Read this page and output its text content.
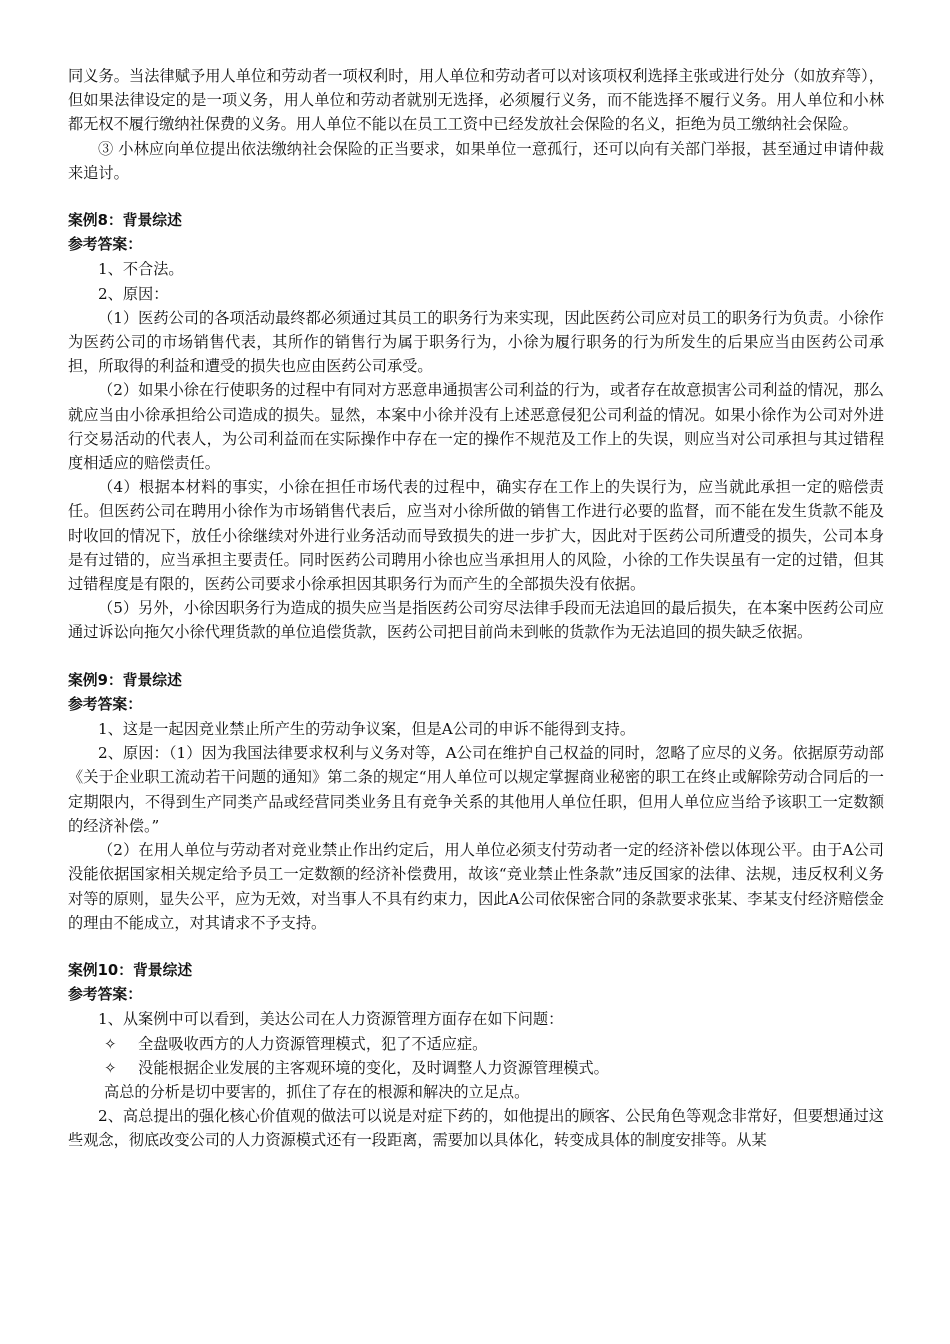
同义务。当法律赋予用人单位和劳动者一项权利时，用人单位和劳动者可以对该项权利选择主张或进行处分（如放弃等），但如果法律设定的是一项义务，用人单位和劳动者就别无选择，必须履行义务，而不能选择不履行义务。用人单位和小林都无权不履行缴纳社保费的义务。用人单位不能以在员工工资中已经发放社会保险的名义，拒绝为员工缴纳社会保险。

③ 小林应向单位提出依法缴纳社会保险的正当要求，如果单位一意孤行，还可以向有关部门举报，甚至通过申请仲裁来追讨。

案例8：背景综述

参考答案：

1、不合法。

2、原因：

（1）医药公司的各项活动最终都必须通过其员工的职务行为来实现，因此医药公司应对员工的职务行为负责。小徐作为医药公司的市场销售代表，其所作的销售行为属于职务行为，小徐为履行职务的行为所发生的后果应当由医药公司承担，所取得的利益和遭受的损失也应由医药公司承受。

（2）如果小徐在行使职务的过程中有同对方恶意串通损害公司利益的行为，或者存在故意损害公司利益的情况，那么就应当由小徐承担给公司造成的损失。显然，本案中小徐并没有上述恶意侵犯公司利益的情况。如果小徐作为公司对外进行交易活动的代表人，为公司利益而在实际操作中存在一定的操作不规范及工作上的失误，则应当对公司承担与其过错程度相适应的赔偿责任。

（4）根据本材料的事实，小徐在担任市场代表的过程中，确实存在工作上的失误行为，应当就此承担一定的赔偿责任。但医药公司在聘用小徐作为市场销售代表后，应当对小徐所做的销售工作进行必要的监督，而不能在发生货款不能及时收回的情况下，放任小徐继续对外进行业务活动而导致损失的进一步扩大，因此对于医药公司所遭受的损失，公司本身是有过错的，应当承担主要责任。同时医药公司聘用小徐也应当承担用人的风险，小徐的工作失误虽有一定的过错，但其过错程度是有限的，医药公司要求小徐承担因其职务行为而产生的全部损失没有依据。

（5）另外，小徐因职务行为造成的损失应当是指医药公司穷尽法律手段而无法追回的最后损失，在本案中医药公司应通过诉讼向拖欠小徐代理货款的单位追偿货款，医药公司把目前尚未到帐的货款作为无法追回的损失缺乏依据。

案例9：背景综述

参考答案：

1、这是一起因竞业禁止所产生的劳动争议案，但是A公司的申诉不能得到支持。

2、原因：（1）因为我国法律要求权利与义务对等，A公司在维护自己权益的同时，忽略了应尽的义务。依据原劳动部《关于企业职工流动若干问题的通知》第二条的规定“用人单位可以规定掌握商业秘密的职工在终止或解除劳动合同后的一定期限内，不得到生产同类产品或经营同类业务且有竞争关系的其他用人单位任职，但用人单位应当给予该职工一定数额的经济补偿。”

（2）在用人单位与劳动者对竞业禁止作出约定后，用人单位必须支付劳动者一定的经济补偿以体现公平。由于A公司没能依据国家相关规定给予员工一定数额的经济补偿费用，故该“竞业禁止性条款”违反国家的法律、法规，违反权利义务对等的原则，显失公平，应为无效，对当事人不具有约束力，因此A公司依保密合同的条款要求张某、李某支付经济赔偿金的理由不能成立，对其请求不予支持。

案例10：背景综述

参考答案：

1、从案例中可以看到，美达公司在人力资源管理方面存在如下问题：

✧	全盘吸收西方的人力资源管理模式，犯了不适应症。

✧	没能根据企业发展的主客观环境的变化，及时调整人力资源管理模式。

高总的分析是切中要害的，抓住了存在的根源和解决的立足点。

2、高总提出的强化核心价值观的做法可以说是对症下药的，如他提出的顾客、公民角色等观念非常好，但要想通过这些观念，彻底改变公司的人力资源模式还有一段距离，需要加以具体化，转变成具体的制度安排等。从某
